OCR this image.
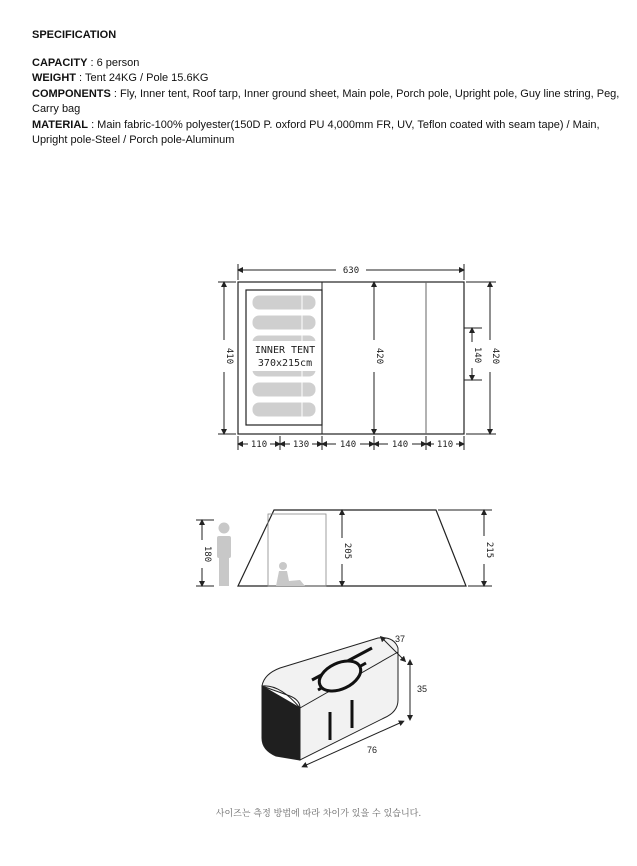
SPECIFICATION

CAPACITY : 6 person

WEIGHT : Tent 24KG / Pole 15.6KG

COMPONENTS : Fly, Inner tent, Roof tarp, Inner ground sheet, Main pole, Porch pole, Upright pole, Guy line string, Peg, Carry bag

MATERIAL : Main fabric-100% polyester(150D P. oxford PU 4,000mm FR, UV, Teflon coated with seam tape) / Main, Upright pole-Steel / Porch pole-Aluminum

630
410	420	140 420
INNER TENT
370x215cm
110	130	140	140	110
180	205	215
37
35
76
사이즈는 측정 방법에 따라 차이가 있을 수 있습니다.
